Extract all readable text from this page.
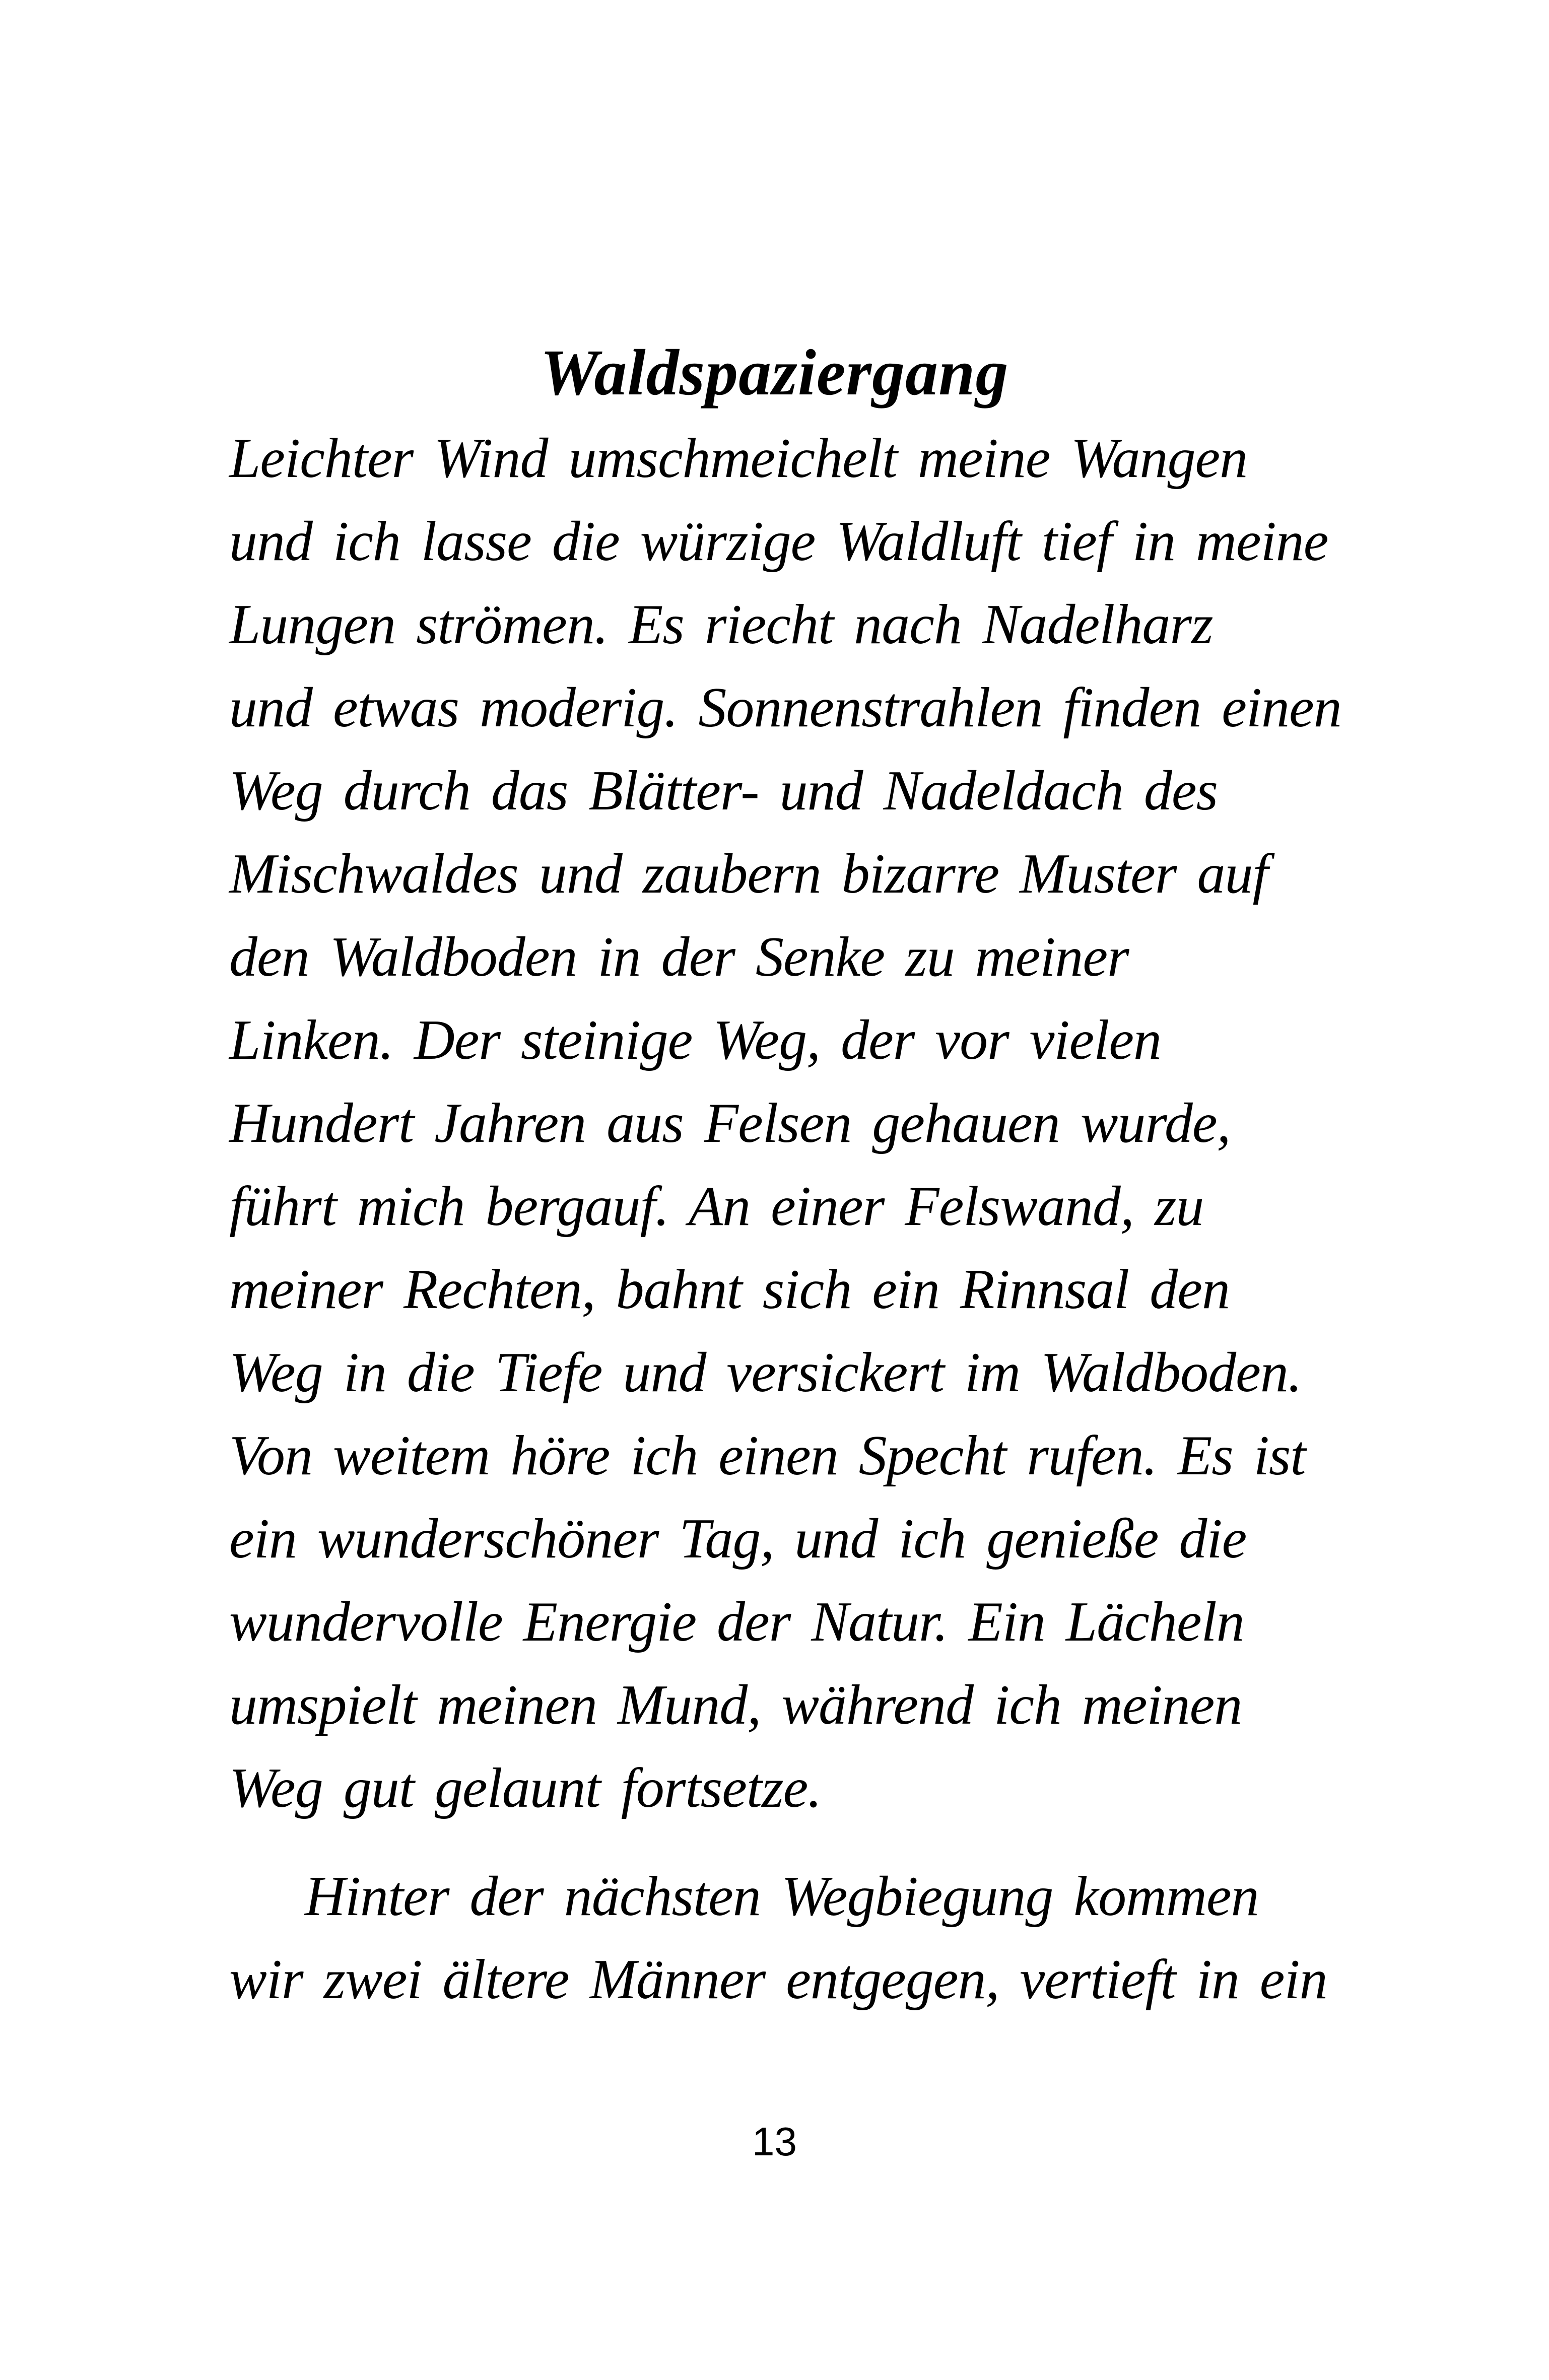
Waldspaziergang
Leichter Wind umschmeichelt meine Wangen
und ich lasse die würzige Waldluft tief in meine
Lungen strömen. Es riecht nach Nadelharz
und etwas moderig. Sonnenstrahlen finden einen
Weg durch das Blätter- und Nadeldach des
Mischwaldes und zaubern bizarre Muster auf
den Waldboden in der Senke zu meiner
Linken. Der steinige Weg, der vor vielen
Hundert Jahren aus Felsen gehauen wurde,
führt mich bergauf. An einer Felswand, zu
meiner Rechten, bahnt sich ein Rinnsal den
Weg in die Tiefe und versickert im Waldboden.
Von weitem höre ich einen Specht rufen. Es ist
ein wunderschöner Tag, und ich genieße die
wundervolle Energie der Natur. Ein Lächeln
umspielt meinen Mund, während ich meinen
Weg gut gelaunt fortsetze.
Hinter der nächsten Wegbiegung kommen
wir zwei ältere Männer entgegen, vertieft in ein
13
